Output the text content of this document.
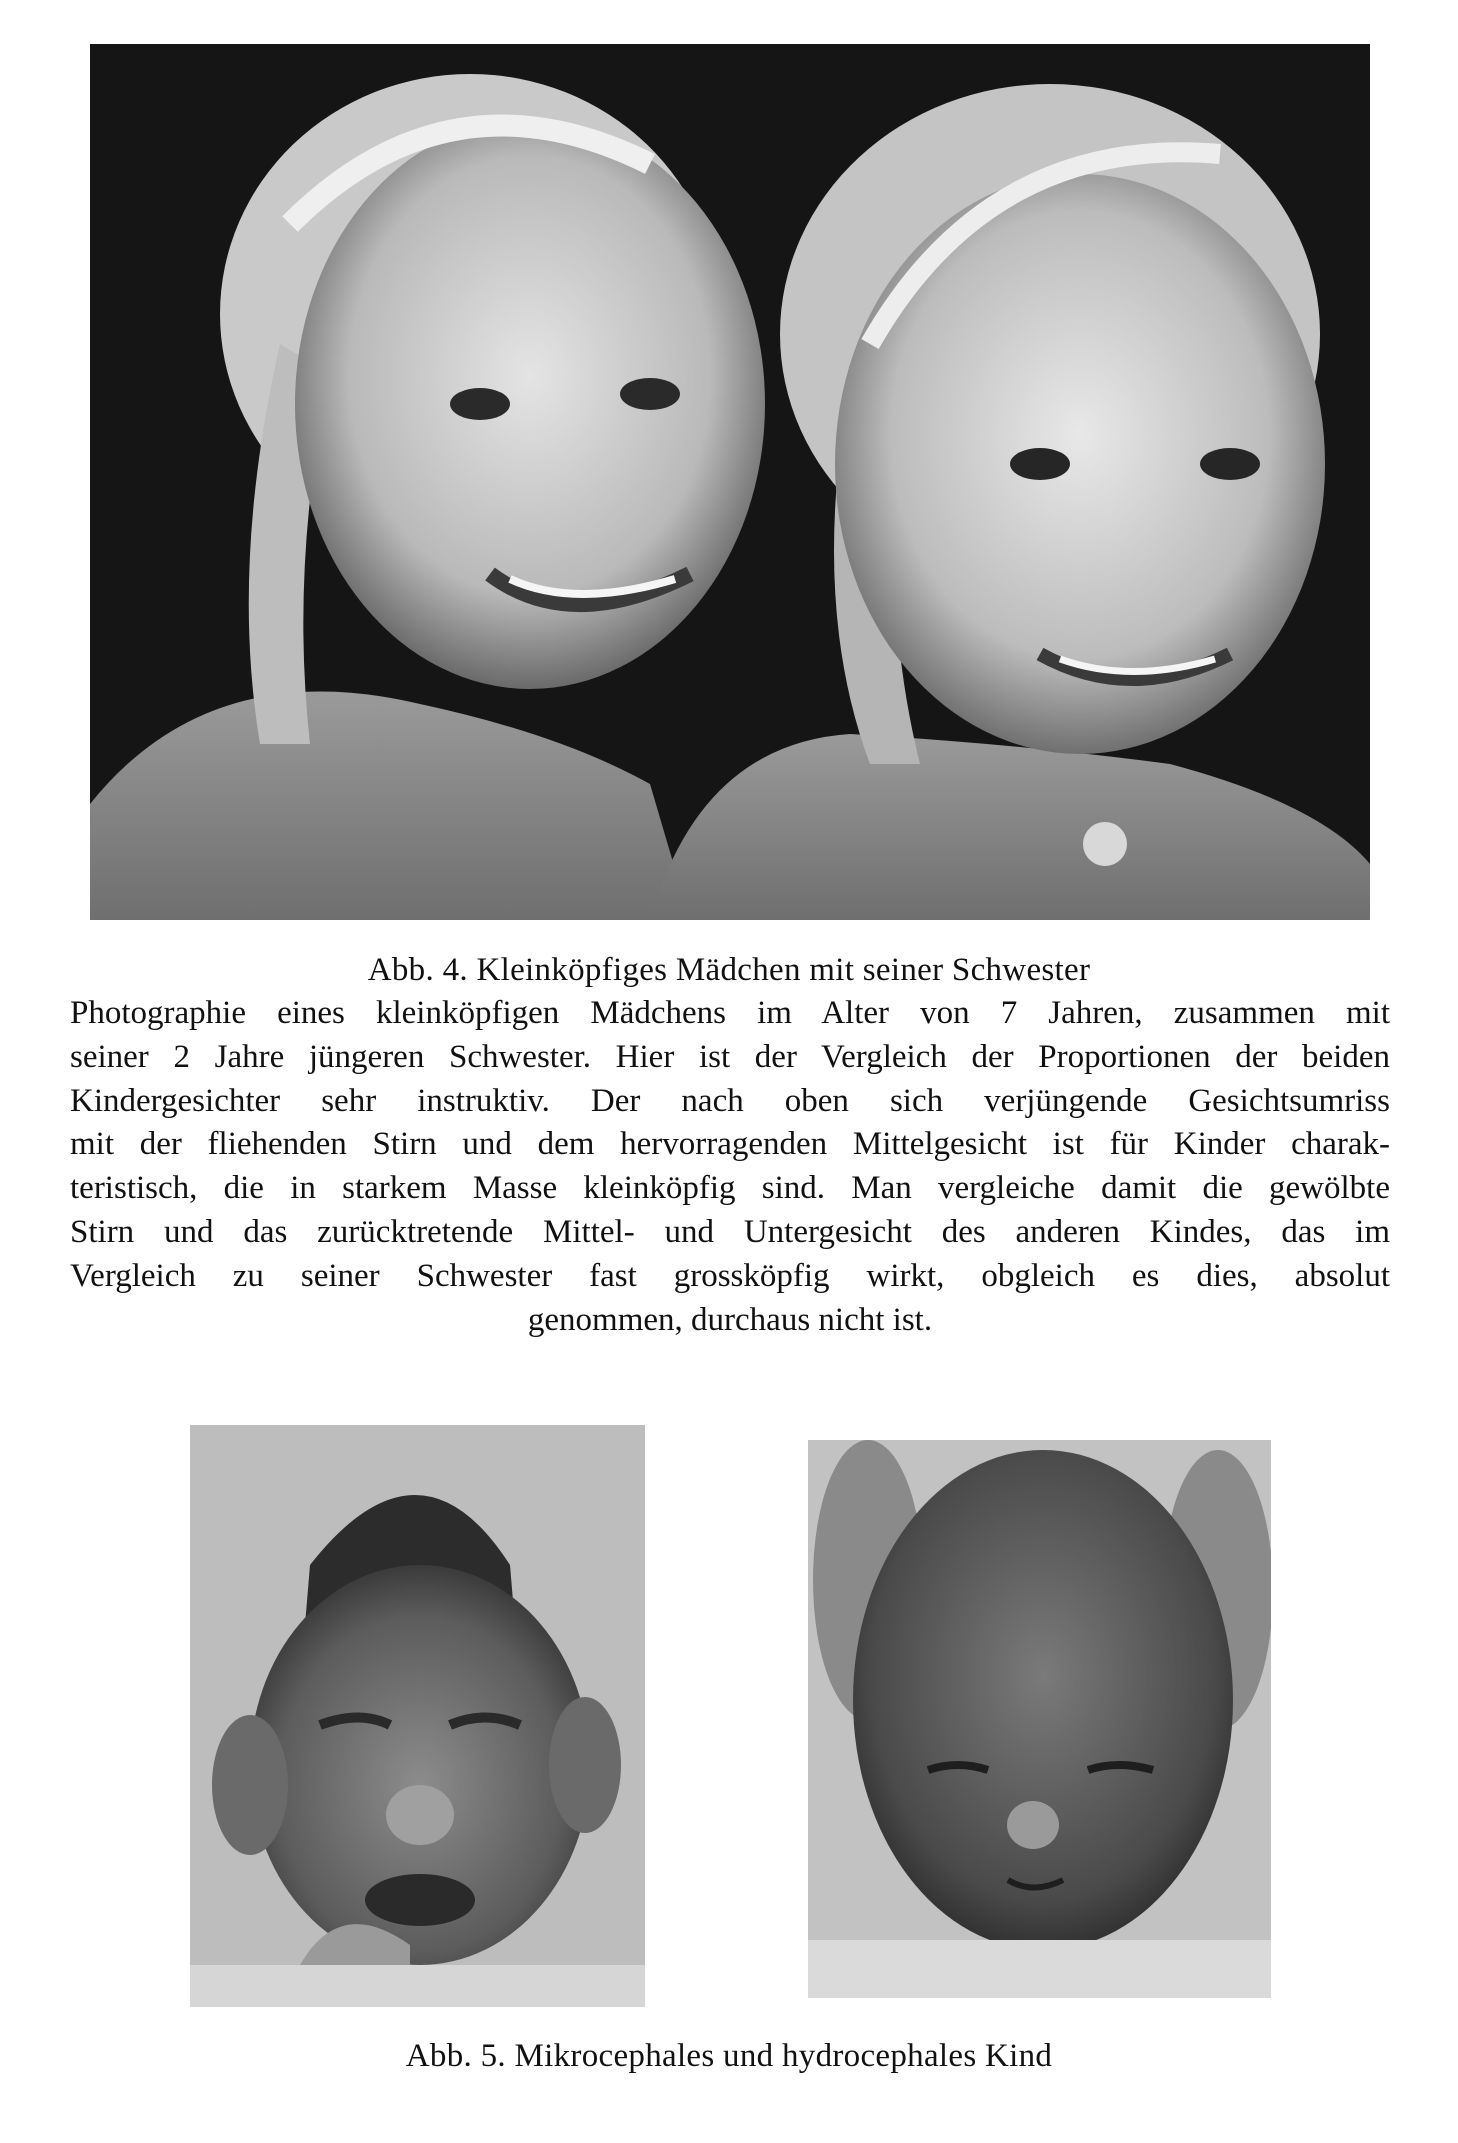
Abb. 4. Kleinköpfiges Mädchen mit seiner Schwester
Photographie eines kleinköpfigen Mädchens im Alter von 7 Jahren, zusammen mit
seiner 2 Jahre jüngeren Schwester. Hier ist der Vergleich der Proportionen der beiden
Kindergesichter sehr instruktiv. Der nach oben sich verjüngende Gesichtsumriss
mit der fliehenden Stirn und dem hervorragenden Mittelgesicht ist für Kinder charak-
teristisch, die in starkem Masse kleinköpfig sind. Man vergleiche damit die gewölbte
Stirn und das zurücktretende Mittel- und Untergesicht des anderen Kindes, das im
Vergleich zu seiner Schwester fast grossköpfig wirkt, obgleich es dies, absolut
genommen, durchaus nicht ist.
Abb. 5. Mikrocephales und hydrocephales Kind
